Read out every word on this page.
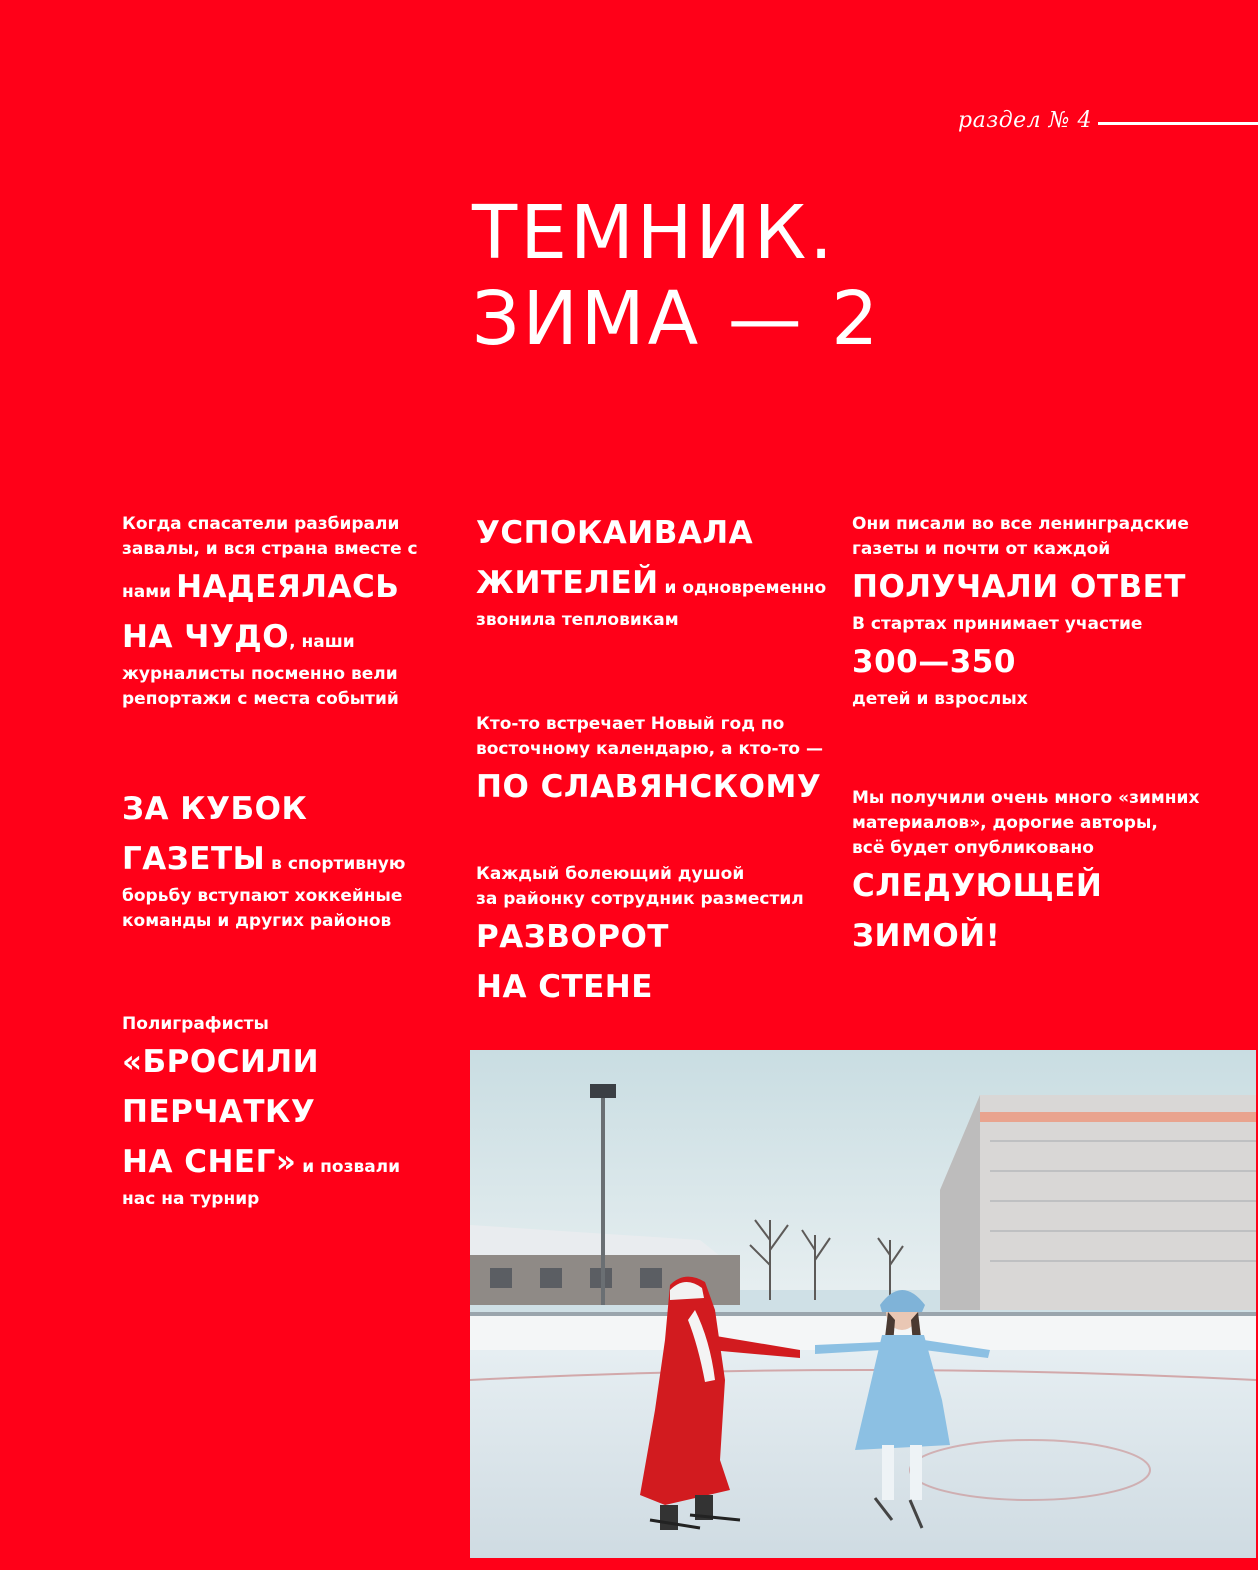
раздел № 4
ТЕМНИК.
ЗИМА — 2
Когда спасатели разбирали
завалы, и вся страна вместе с
нами НАДЕЯЛАСЬ
НА ЧУДО, наши
журналисты посменно вели
репортажи с места событий
УСПОКАИВАЛА
ЖИТЕЛЕЙ и одновременно
звонила тепловикам
Они писали во все ленинградские
газеты и почти от каждой
ПОЛУЧАЛИ ОТВЕТ
В стартах принимает участие
300—350
детей и взрослых
ЗА КУБОК
ГАЗЕТЫ в спортивную
борьбу вступают хоккейные
команды и других районов
Кто-то встречает Новый год по
восточному календарю, а кто-то —
ПО СЛАВЯНСКОМУ	Мы получили очень много «зимних
материалов», дорогие авторы,
всё будет опубликовано
СЛЕДУЮЩЕЙ
ЗИМОЙ!
Каждый болеющий душой
за районку сотрудник разместил
РАЗВОРОТ
НА СТЕНЕ
Полиграфисты
«БРОСИЛИ
ПЕРЧАТКУ
НА СНЕГ» и позвали
нас на турнир
